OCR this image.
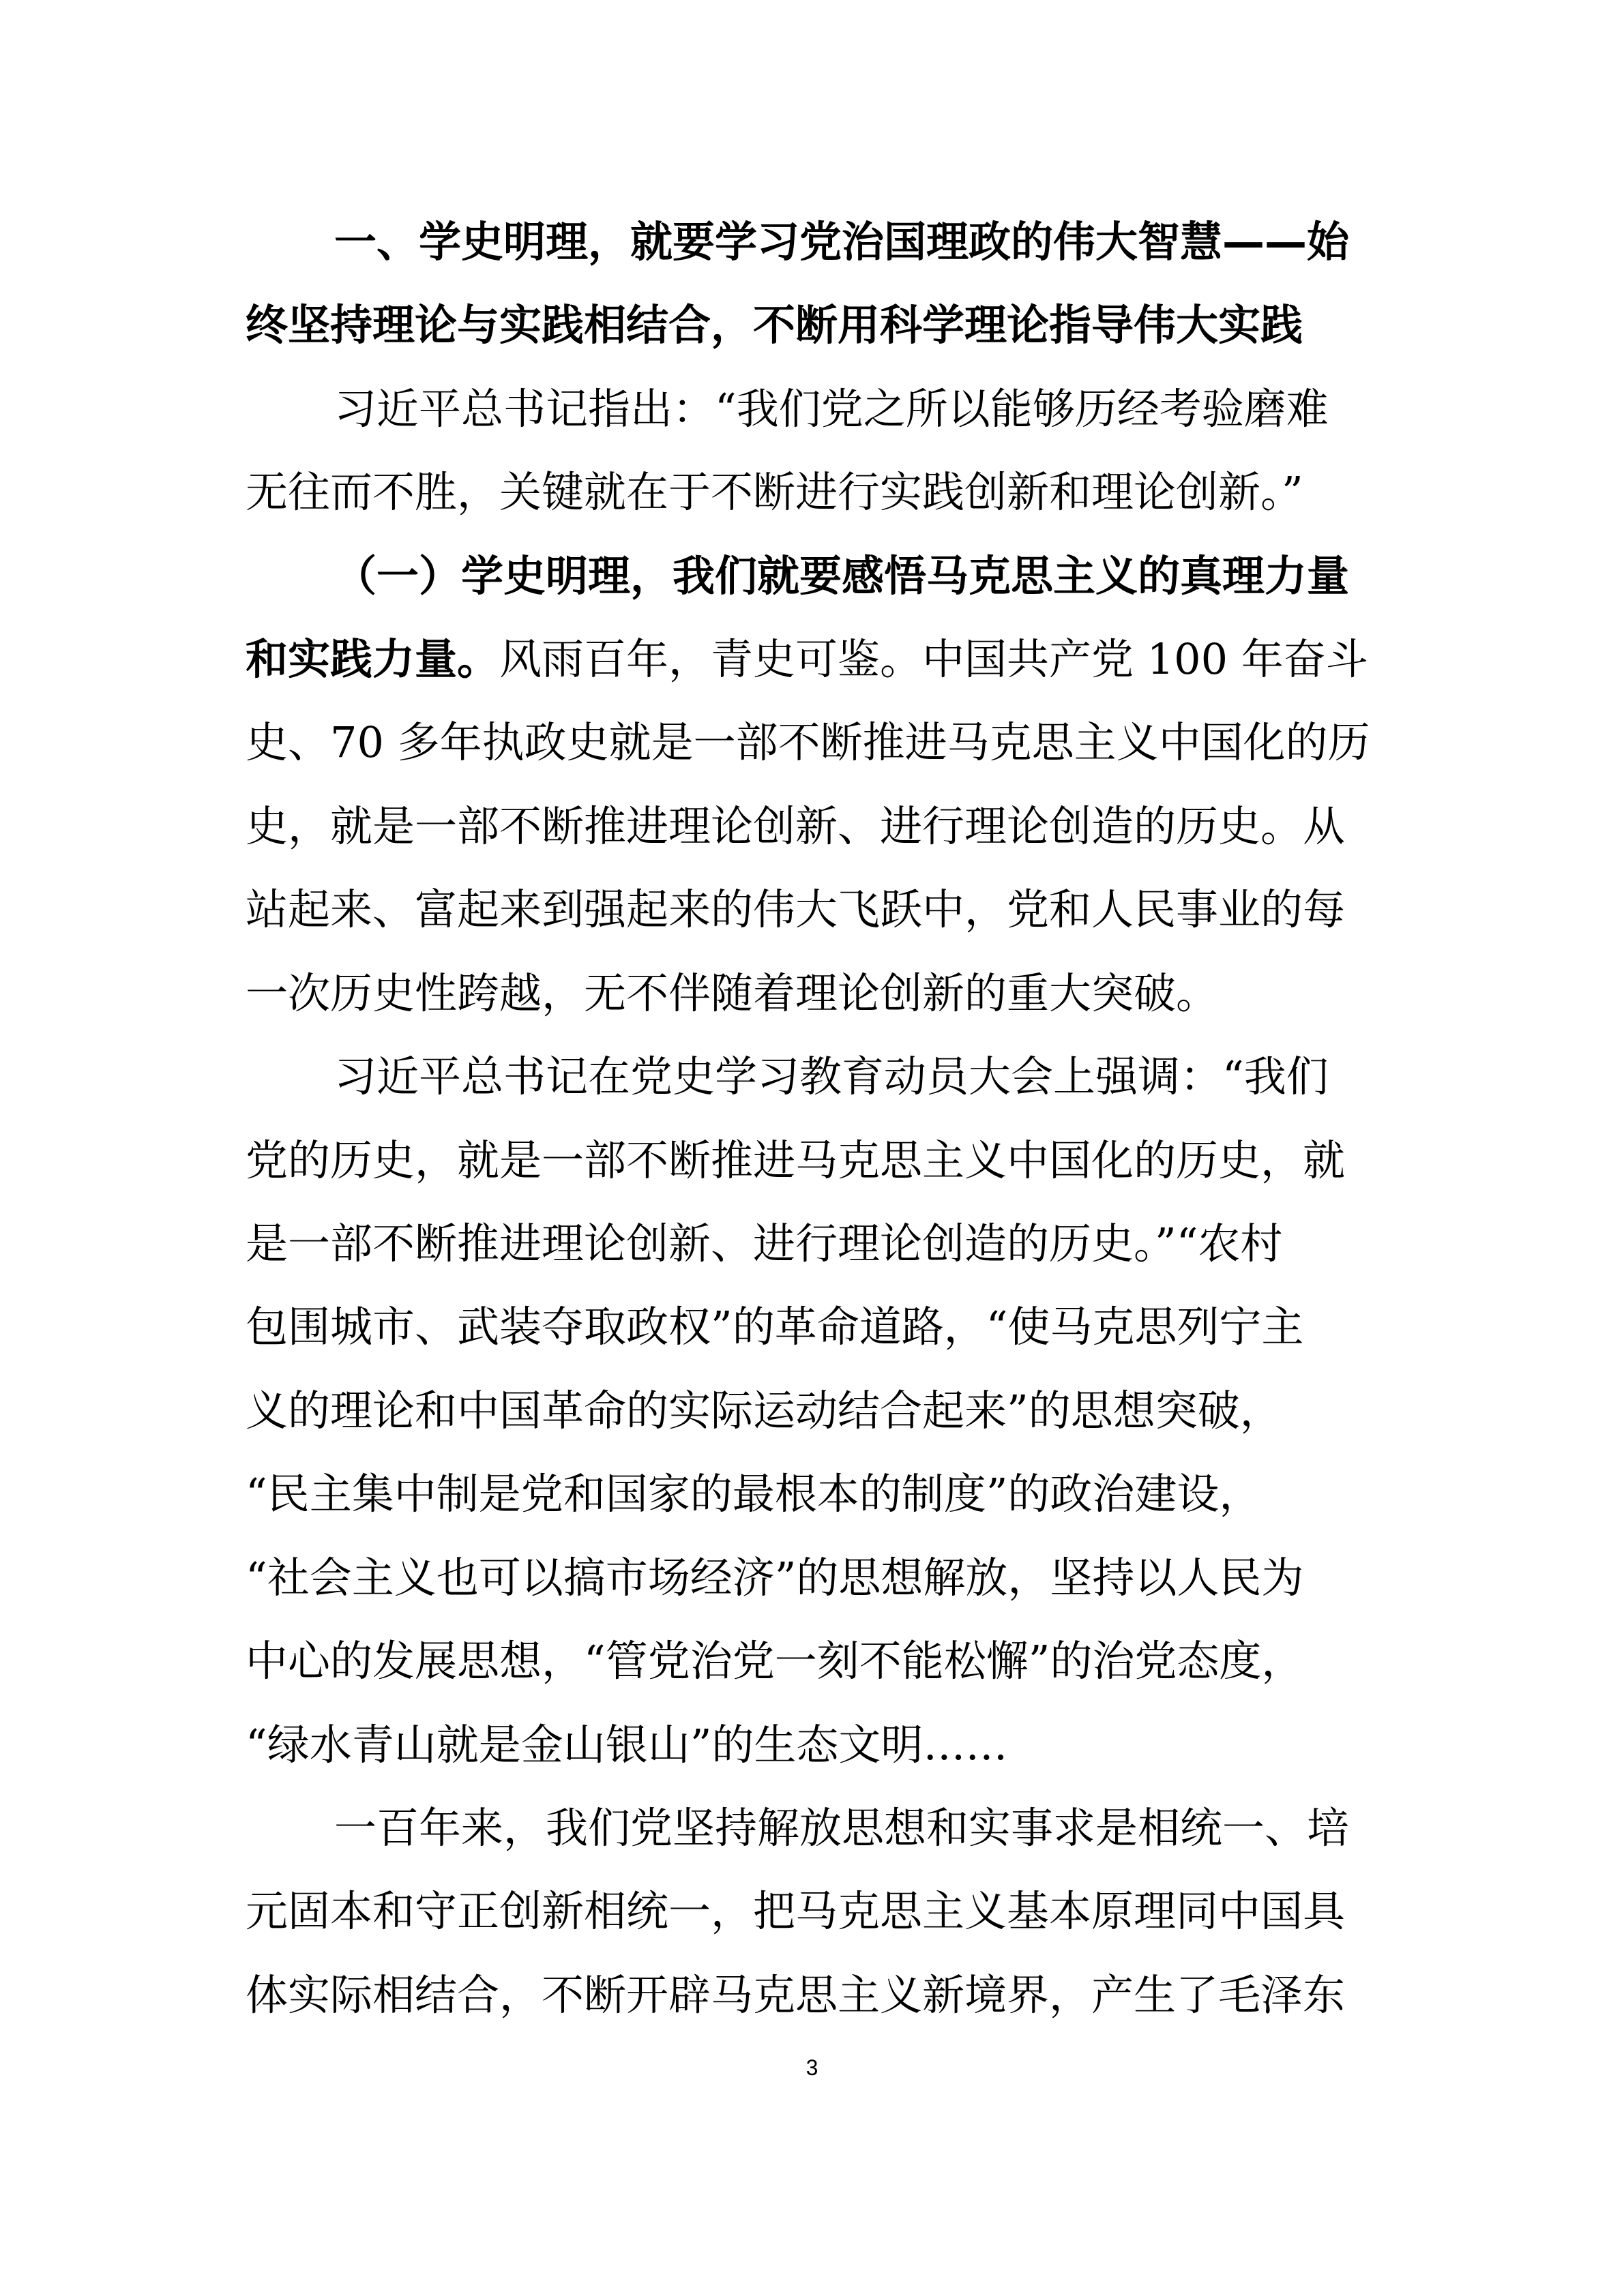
一、学史明理，就要学习党治国理政的伟大智慧——始
终坚持理论与实践相结合，不断用科学理论指导伟大实践
习近平总书记指出：“我们党之所以能够历经考验磨难
无往而不胜，关键就在于不断进行实践创新和理论创新。”
（一）学史明理，我们就要感悟马克思主义的真理力量
和实践力量。风雨百年，青史可鉴。中国共产党 100 年奋斗
史、70 多年执政史就是一部不断推进马克思主义中国化的历
史，就是一部不断推进理论创新、进行理论创造的历史。从
站起来、富起来到强起来的伟大飞跃中，党和人民事业的每
一次历史性跨越，无不伴随着理论创新的重大突破。
习近平总书记在党史学习教育动员大会上强调：“我们
党的历史，就是一部不断推进马克思主义中国化的历史，就
是一部不断推进理论创新、进行理论创造的历史。”“农村
包围城市、武装夺取政权”的革命道路，“使马克思列宁主
义的理论和中国革命的实际运动结合起来”的思想突破，
“民主集中制是党和国家的最根本的制度”的政治建设，
“社会主义也可以搞市场经济”的思想解放，坚持以人民为
中心的发展思想，“管党治党一刻不能松懈”的治党态度，
“绿水青山就是金山银山”的生态文明……
一百年来，我们党坚持解放思想和实事求是相统一、培
元固本和守正创新相统一，把马克思主义基本原理同中国具
体实际相结合，不断开辟马克思主义新境界，产生了毛泽东
3
